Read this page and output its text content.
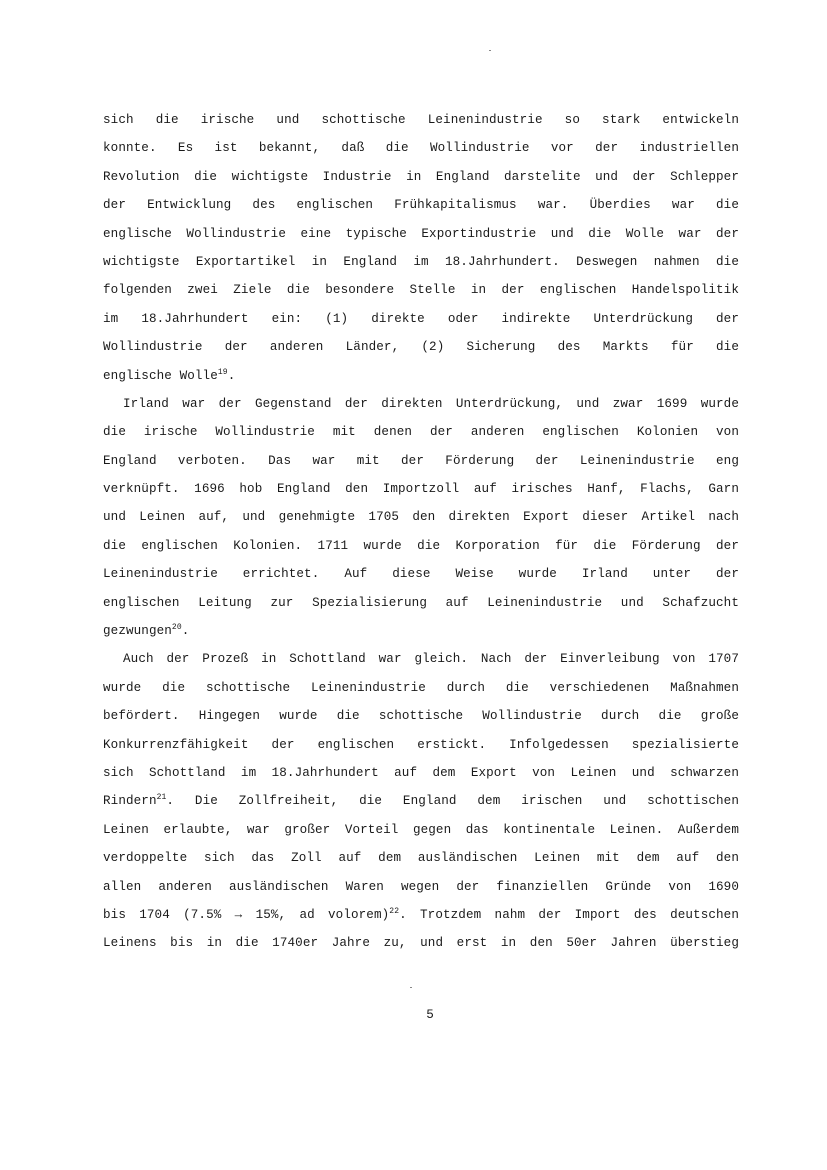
sich die irische und schottische Leinenindustrie so stark entwickeln
konnte. Es ist bekannt, daß die Wollindustrie vor der industriellen
Revolution die wichtigste Industrie in England darstelite und der Schlepper
der Entwicklung des englischen Frühkapitalismus war. Überdies war die
englische Wollindustrie eine typische Exportindustrie und die Wolle war der
wichtigste Exportartikel in England im 18.Jahrhundert. Deswegen nahmen die
folgenden zwei Ziele die besondere Stelle in der englischen Handelspolitik
im 18.Jahrhundert ein: (1) direkte oder indirekte Unterdrückung der
Wollindustrie der anderen Länder, (2) Sicherung des Markts für die
englische Wolle$^{19}$.
Irland war der Gegenstand der direkten Unterdrückung, und zwar 1699 wurde
die irische Wollindustrie mit denen der anderen englischen Kolonien von
England verboten. Das war mit der Förderung der Leinenindustrie eng
verknüpft. 1696 hob England den Importzoll auf irisches Hanf, Flachs, Garn
und Leinen auf, und genehmigte 1705 den direkten Export dieser Artikel nach
die englischen Kolonien. 1711 wurde die Korporation für die Förderung der
Leinenindustrie errichtet. Auf diese Weise wurde Irland unter der
englischen Leitung zur Spezialisierung auf Leinenindustrie und Schafzucht
gezwungen$^{20}$.
Auch der Prozeß in Schottland war gleich. Nach der Einverleibung von 1707
wurde die schottische Leinenindustrie durch die verschiedenen Maßnahmen
befördert. Hingegen wurde die schottische Wollindustrie durch die große
Konkurrenzfähigkeit der englischen erstickt. Infolgedessen spezialisierte
sich Schottland im 18.Jahrhundert auf dem Export von Leinen und schwarzen
Rindern$^{21}$. Die Zollfreiheit, die England dem irischen und schottischen
Leinen erlaubte, war großer Vorteil gegen das kontinentale Leinen. Außerdem
verdoppelte sich das Zoll auf dem ausländischen Leinen mit dem auf den
allen anderen ausländischen Waren wegen der finanziellen Gründe von 1690
bis 1704 (7.5% → 15%, ad volorem)$^{22}$. Trotzdem nahm der Import des deutschen
Leinens bis in die 1740er Jahre zu, und erst in den 50er Jahren überstieg
5
